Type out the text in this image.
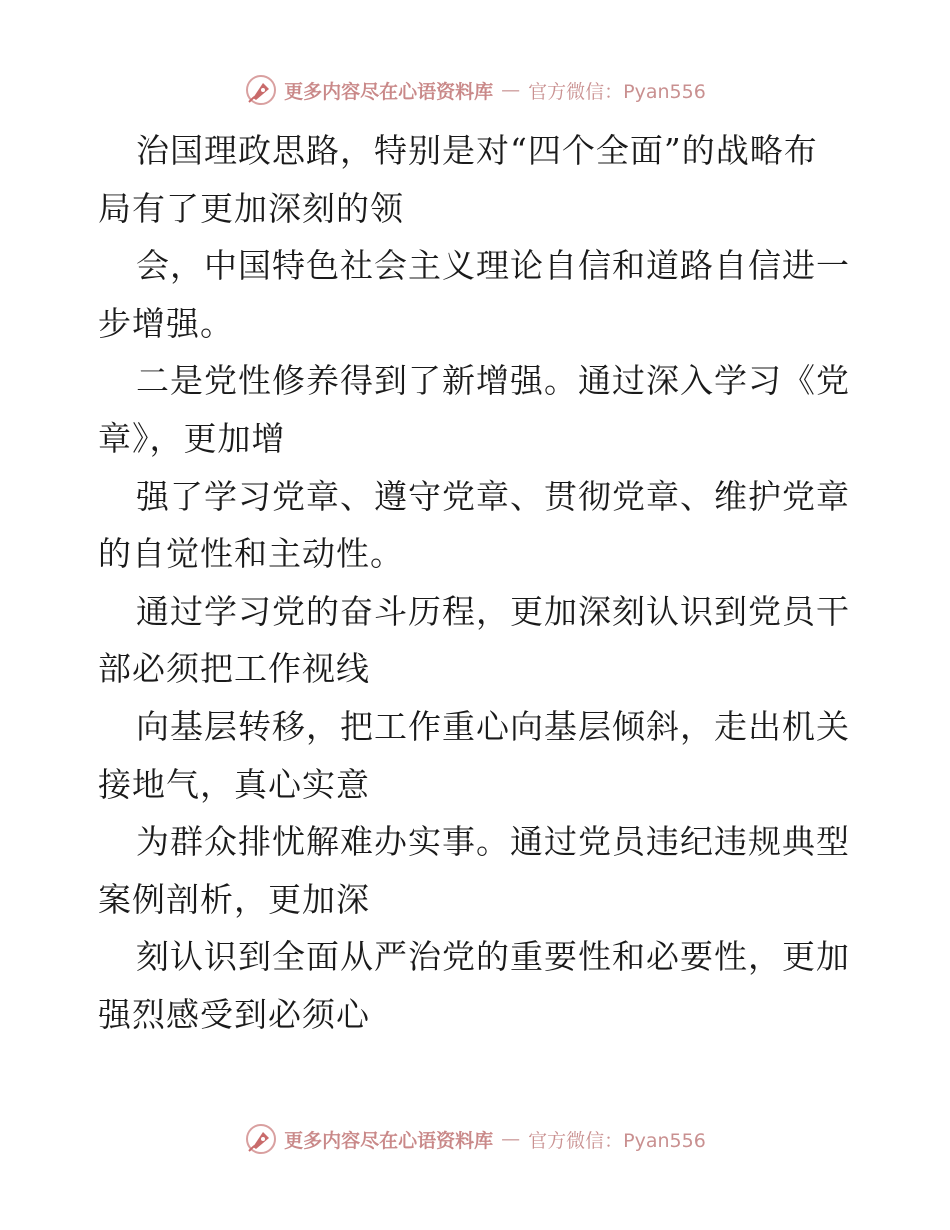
更多内容尽在心语资料库 — 官方微信：Pyan556
治国理政思路，特别是对“四个全面”的战略布
局有了更加深刻的领
会，中国特色社会主义理论自信和道路自信进一
步增强。
二是党性修养得到了新增强。通过深入学习《党
章》，更加增
强了学习党章、遵守党章、贯彻党章、维护党章
的自觉性和主动性。
通过学习党的奋斗历程，更加深刻认识到党员干
部必须把工作视线
向基层转移，把工作重心向基层倾斜，走出机关
接地气，真心实意
为群众排忧解难办实事。通过党员违纪违规典型
案例剖析，更加深
刻认识到全面从严治党的重要性和必要性，更加
强烈感受到必须心
更多内容尽在心语资料库 — 官方微信：Pyan556
